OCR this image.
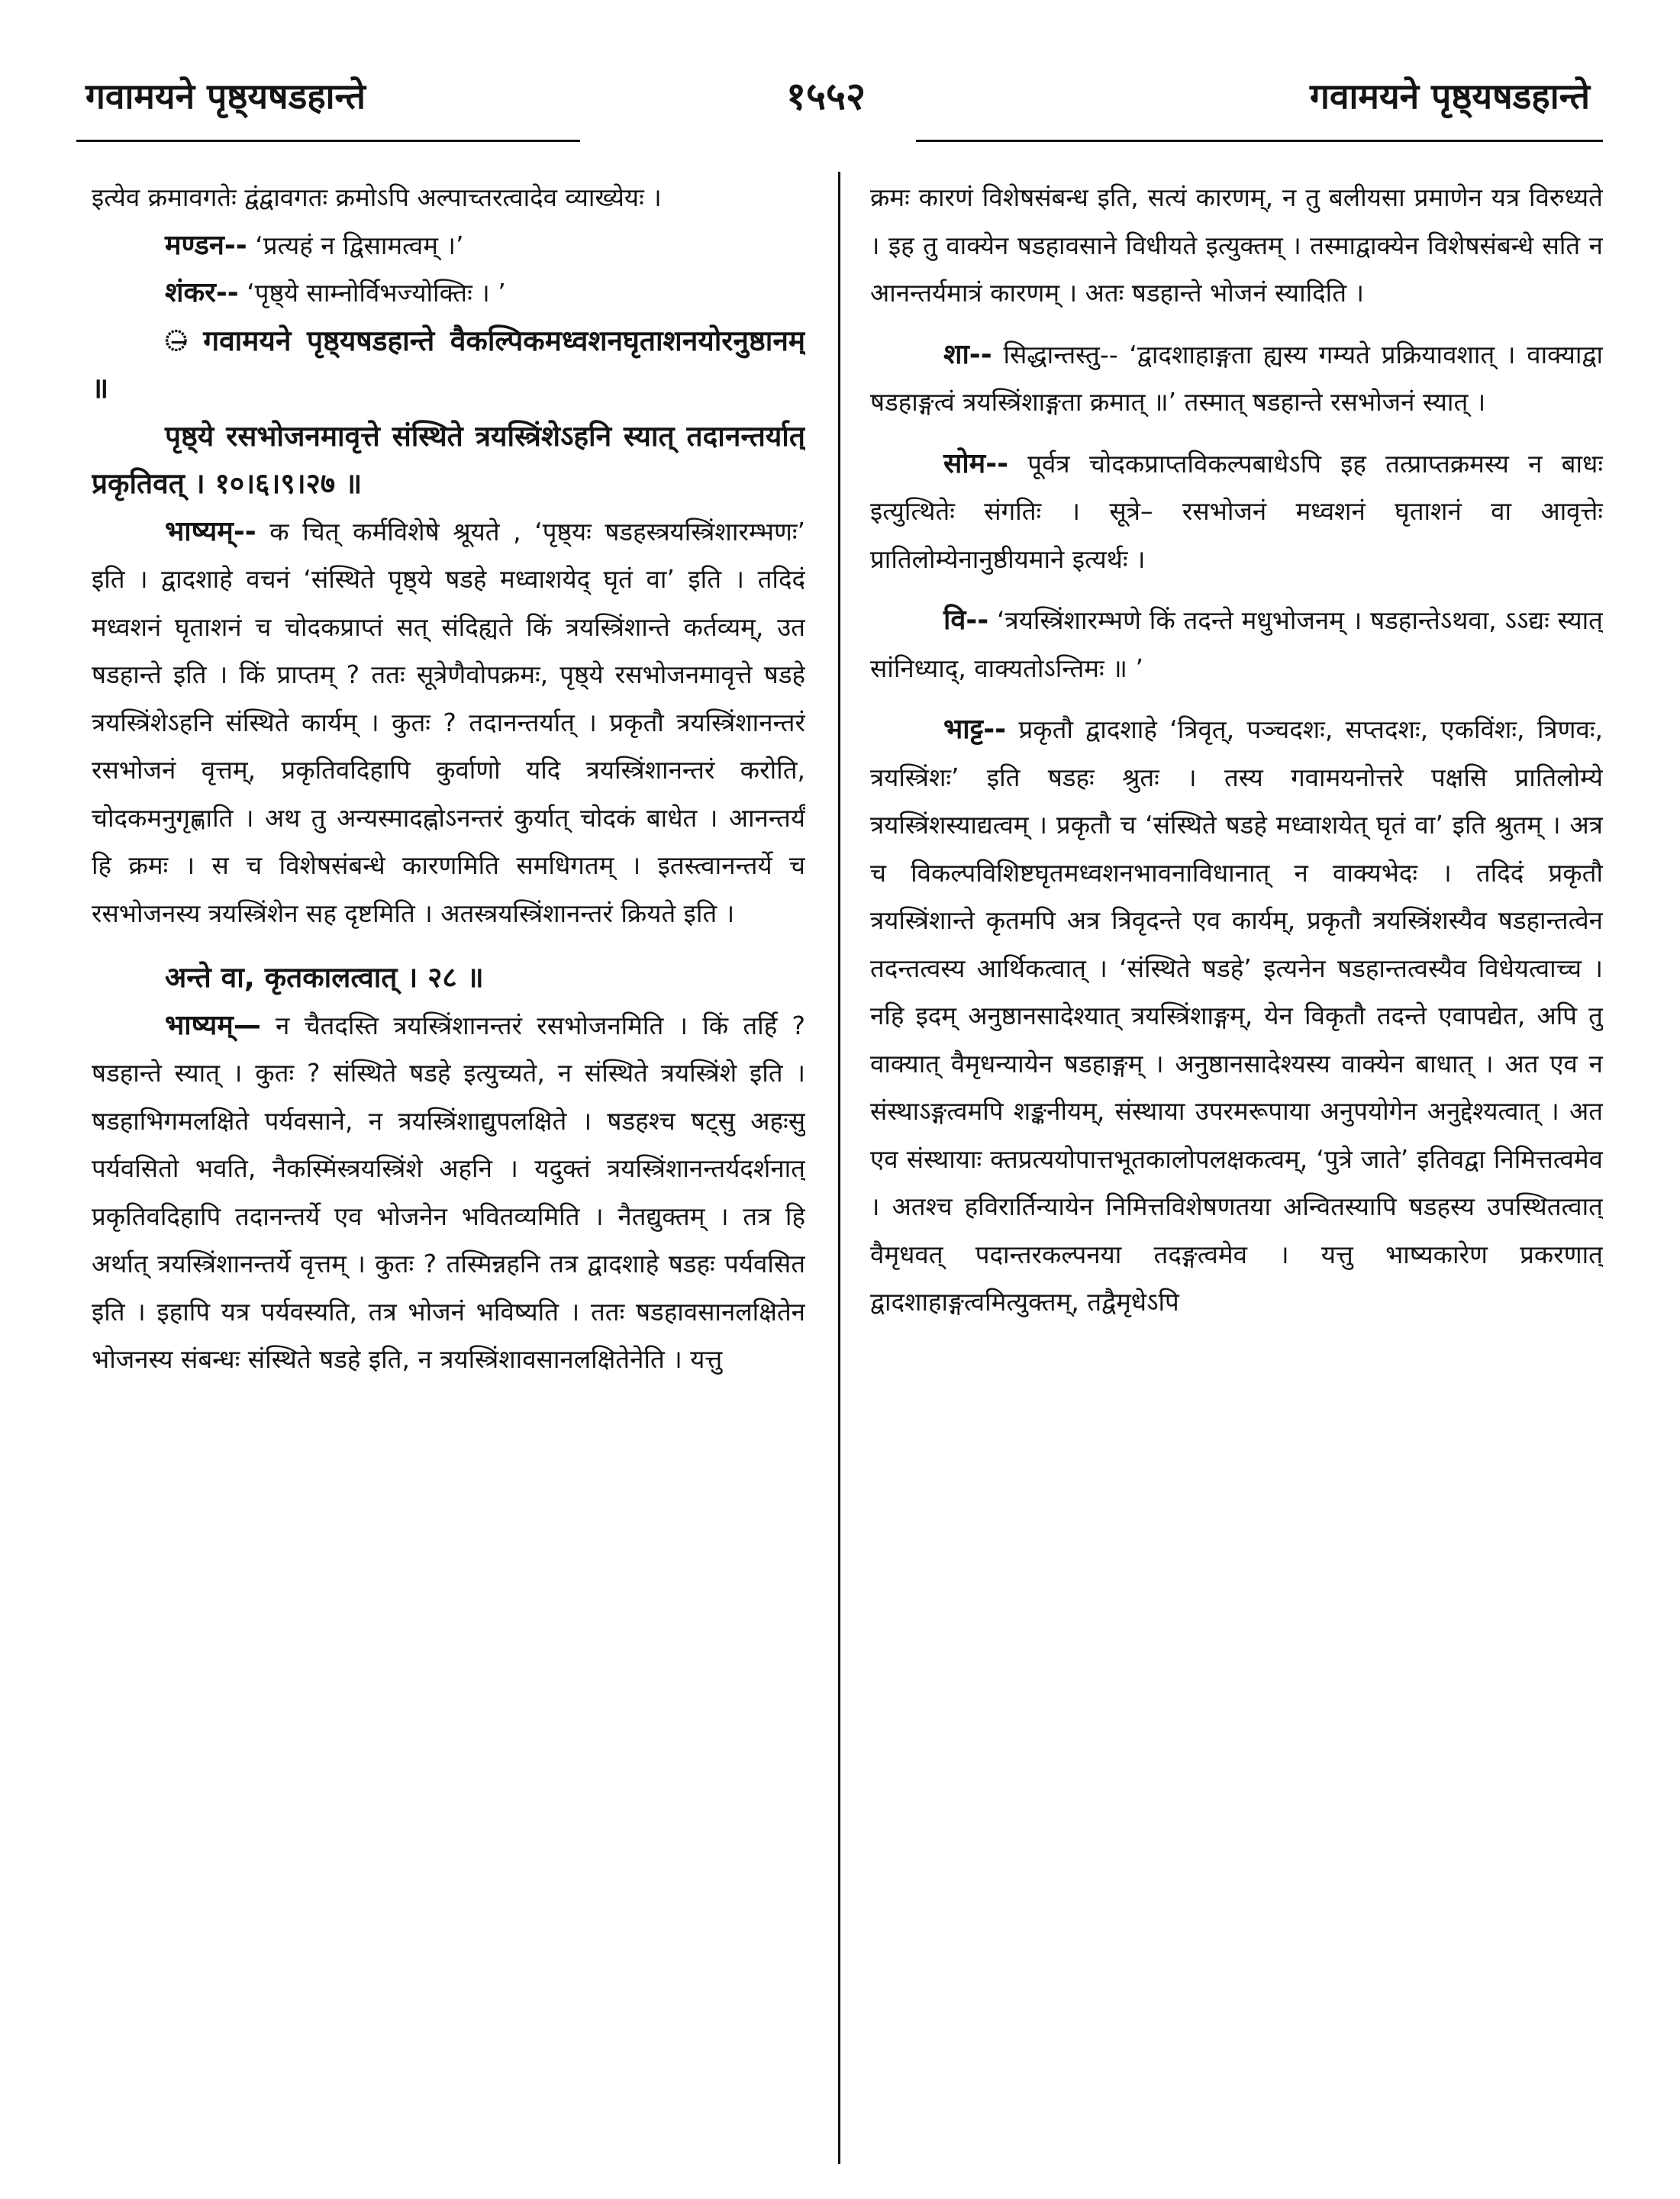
गवामयने पृष्ठ्यषडहान्ते	१५५२	गवामयने पृष्ठ्यषडहान्ते

इत्येव क्रमावगतेः द्वंद्वावगतः क्रमोऽपि अल्पाच्तरत्वादेव व्याख्येयः ।

मण्डन-- ‘प्रत्यहं न द्विसामत्वम् ।’

शंकर-- ‘पृष्ठ्ये साम्नोर्विभज्योक्तिः । ’

᳔ गवामयने पृष्ठ्यषडहान्ते वैकल्पिकमध्वशनघृताशनयोरनुष्ठानम् ॥

पृष्ठ्ये रसभोजनमावृत्ते संस्थिते त्रयस्त्रिंशेऽहनि स्यात् तदानन्तर्यात् प्रकृतिवत् । १०।६।९।२७ ॥

भाष्यम्-- क चित् कर्मविशेषे श्रूयते , ‘पृष्ठ्यः षडहस्त्रयस्त्रिंशारम्भणः’ इति । द्वादशाहे वचनं ‘संस्थिते पृष्ठ्ये षडहे मध्वाशयेद् घृतं वा’ इति । तदिदं मध्वशनं घृताशनं च चोदकप्राप्तं सत् संदिह्यते किं त्रयस्त्रिंशान्ते कर्तव्यम्, उत षडहान्ते इति । किं प्राप्तम् ? ततः सूत्रेणैवोपक्रमः, पृष्ठ्ये रसभोजनमावृत्ते षडहे त्रयस्त्रिंशेऽहनि संस्थिते कार्यम् । कुतः ? तदानन्तर्यात् । प्रकृतौ त्रयस्त्रिंशानन्तरं रसभोजनं वृत्तम्, प्रकृतिवदिहापि कुर्वाणो यदि त्रयस्त्रिंशानन्तरं करोति, चोदकमनुगृह्णाति । अथ तु अन्यस्मादह्नोऽनन्तरं कुर्यात् चोदकं बाधेत । आनन्तर्यं हि क्रमः । स च विशेषसंबन्धे कारणमिति समधिगतम् । इतस्त्वानन्तर्ये च रसभोजनस्य त्रयस्त्रिंशेन सह दृष्टमिति । अतस्त्रयस्त्रिंशानन्तरं क्रियते इति ।

अन्ते वा, कृतकालत्वात् । २८ ॥

भाष्यम्— न चैतदस्ति त्रयस्त्रिंशानन्तरं रसभोजनमिति । किं तर्हि ? षडहान्ते स्यात् । कुतः ? संस्थिते षडहे इत्युच्यते, न संस्थिते त्रयस्त्रिंशे इति । षडहाभिगमलक्षिते पर्यवसाने, न त्रयस्त्रिंशाद्युपलक्षिते । षडहश्च षट्सु अहःसु पर्यवसितो भवति, नैकस्मिंस्त्रयस्त्रिंशे अहनि । यदुक्तं त्रयस्त्रिंशानन्तर्यदर्शनात् प्रकृतिवदिहापि तदानन्तर्ये एव भोजनेन भवितव्यमिति । नैतद्युक्तम् । तत्र हि अर्थात् त्रयस्त्रिंशानन्तर्ये वृत्तम् । कुतः ? तस्मिन्नहनि तत्र द्वादशाहे षडहः पर्यवसित इति । इहापि यत्र पर्यवस्यति, तत्र भोजनं भविष्यति । ततः षडहावसानलक्षितेन भोजनस्य संबन्धः संस्थिते षडहे इति, न त्रयस्त्रिंशावसानलक्षितेनेति । यत्तु

क्रमः कारणं विशेषसंबन्ध इति, सत्यं कारणम्, न तु बलीयसा प्रमाणेन यत्र विरुध्यते । इह तु वाक्येन षडहावसाने विधीयते इत्युक्तम् । तस्माद्वाक्येन विशेषसंबन्धे सति न आनन्तर्यमात्रं कारणम् । अतः षडहान्ते भोजनं स्यादिति ।

शा-- सिद्धान्तस्तु-- ‘द्वादशाहाङ्गता ह्यस्य गम्यते प्रक्रियावशात् । वाक्याद्वा षडहाङ्गत्वं त्रयस्त्रिंशाङ्गता क्रमात् ॥’ तस्मात् षडहान्ते रसभोजनं स्यात् ।

सोम-- पूर्वत्र चोदकप्राप्तविकल्पबाधेऽपि इह तत्प्राप्तक्रमस्य न बाधः इत्युत्थितेः संगतिः । सूत्रे– रसभोजनं मध्वशनं घृताशनं वा आवृत्तेः प्रातिलोम्येनानुष्ठीयमाने इत्यर्थः ।

वि-- ‘त्रयस्त्रिंशारम्भणे किं तदन्ते मधुभोजनम् । षडहान्तेऽथवा, ऽऽद्यः स्यात् सांनिध्याद्, वाक्यतोऽन्तिमः ॥ ’

भाट्ट-- प्रकृतौ द्वादशाहे ‘त्रिवृत्, पञ्चदशः, सप्तदशः, एकविंशः, त्रिणवः, त्रयस्त्रिंशः’ इति षडहः श्रुतः । तस्य गवामयनोत्तरे पक्षसि प्रातिलोम्ये त्रयस्त्रिंशस्याद्यत्वम् । प्रकृतौ च ‘संस्थिते षडहे मध्वाशयेत् घृतं वा’ इति श्रुतम् । अत्र च विकल्पविशिष्टघृतमध्वशनभावनाविधानात् न वाक्यभेदः । तदिदं प्रकृतौ त्रयस्त्रिंशान्ते कृतमपि अत्र त्रिवृदन्ते एव कार्यम्, प्रकृतौ त्रयस्त्रिंशस्यैव षडहान्तत्वेन तदन्तत्वस्य आर्थिकत्वात् । ‘संस्थिते षडहे’ इत्यनेन षडहान्तत्वस्यैव विधेयत्वाच्च । नहि इदम् अनुष्ठानसादेश्यात् त्रयस्त्रिंशाङ्गम्, येन विकृतौ तदन्ते एवापद्येत, अपि तु वाक्यात् वैमृधन्यायेन षडहाङ्गम् । अनुष्ठानसादेश्यस्य वाक्येन बाधात् । अत एव न संस्थाऽङ्गत्वमपि शङ्कनीयम्, संस्थाया उपरमरूपाया अनुपयोगेन अनुद्देश्यत्वात् । अत एव संस्थायाः क्तप्रत्ययोपात्तभूतकालोपलक्षकत्वम्, ‘पुत्रे जाते’ इतिवद्वा निमित्तत्वमेव । अतश्च हविरार्तिन्यायेन निमित्तविशेषणतया अन्वितस्यापि षडहस्य उपस्थितत्वात् वैमृधवत् पदान्तरकल्पनया तदङ्गत्वमेव । यत्तु भाष्यकारेण प्रकरणात् द्वादशाहाङ्गत्वमित्युक्तम्, तद्वैमृधेऽपि
